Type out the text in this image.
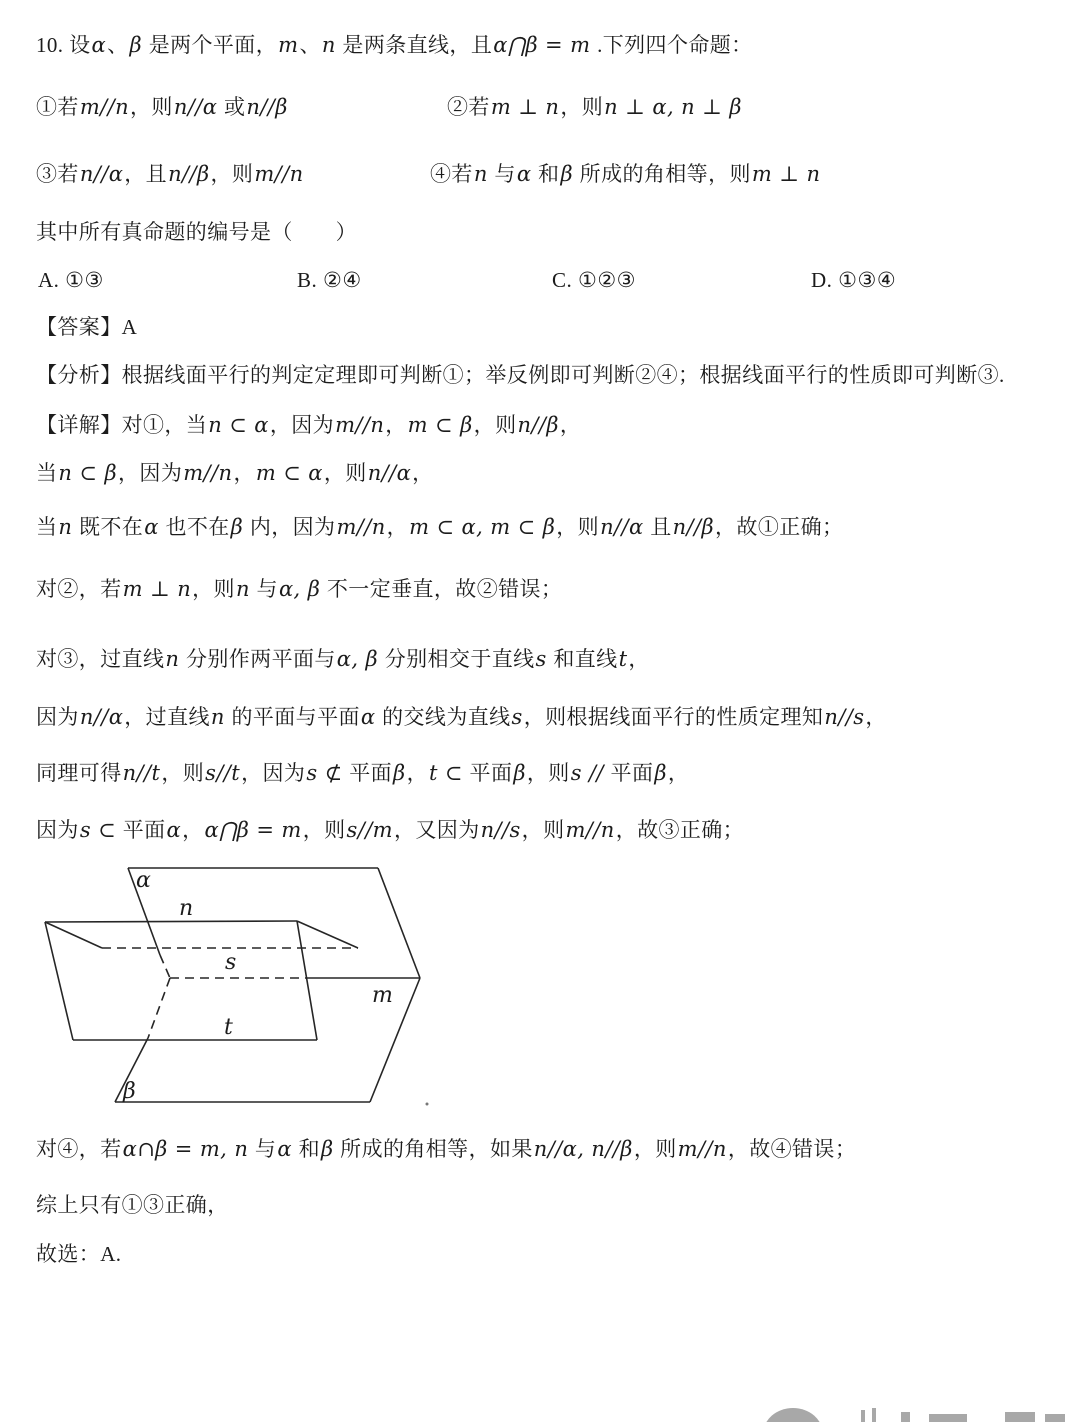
10. 设α、β 是两个平面，m、n 是两条直线，且α⋂β = m .下列四个命题：

①若m//n，则n//α 或n//β	②若m ⊥ n，则n ⊥ α, n ⊥ β

③若n//α，且n//β，则m//n	④若n 与α 和β 所成的角相等，则m ⊥ n

其中所有真命题的编号是（　　）

A. ①③	B. ②④	C. ①②③	D. ①③④

【答案】A

【分析】根据线面平行的判定定理即可判断①；举反例即可判断②④；根据线面平行的性质即可判断③.

【详解】对①，当n ⊂ α，因为m//n，m ⊂ β，则n//β，

当n ⊂ β，因为m//n，m ⊂ α，则n//α，

当n 既不在α 也不在β 内，因为m//n，m ⊂ α, m ⊂ β，则n//α 且n//β，故①正确；

对②，若m ⊥ n，则n 与α, β 不一定垂直，故②错误；

对③，过直线n 分别作两平面与α, β 分别相交于直线s 和直线t，

因为n//α，过直线n 的平面与平面α 的交线为直线s，则根据线面平行的性质定理知n//s，

同理可得n//t，则s//t，因为s ⊄ 平面β，t ⊂ 平面β，则s // 平面β，

因为s ⊂ 平面α，α⋂β = m，则s//m，又因为n//s，则m//n，故③正确；

α
n
s
m
t
β

对④，若α∩β = m, n 与α 和β 所成的角相等，如果n//α, n//β，则m//n，故④错误；

综上只有①③正确，

故选：A.
